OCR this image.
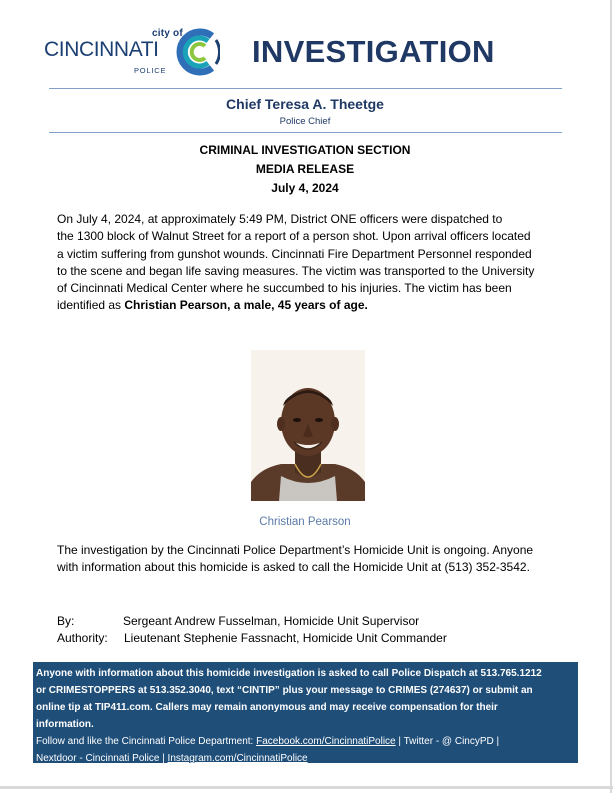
city of
CINCINNATI
POLICE
INVESTIGATION
Chief Teresa A. Theetge
Police Chief
CRIMINAL INVESTIGATION SECTION
MEDIA RELEASE
July 4, 2024
On July 4, 2024, at approximately 5:49 PM, District ONE officers were dispatched to
the 1300 block of Walnut Street for a report of a person shot. Upon arrival officers located
a victim suffering from gunshot wounds. Cincinnati Fire Department Personnel responded
to the scene and began life saving measures. The victim was transported to the University
of Cincinnati Medical Center where he succumbed to his injuries. The victim has been
identified as Christian Pearson, a male, 45 years of age.
Christian Pearson
The investigation by the Cincinnati Police Department’s Homicide Unit is ongoing. Anyone
with information about this homicide is asked to call the Homicide Unit at (513) 352-3542.
By:	Sergeant Andrew Fusselman, Homicide Unit Supervisor
Authority: Lieutenant Stephenie Fassnacht, Homicide Unit Commander
Anyone with information about this homicide investigation is asked to call Police Dispatch at 513.765.1212
or CRIMESTOPPERS at 513.352.3040, text “CINTIP” plus your message to CRIMES (274637) or submit an
online tip at TIP411.com. Callers may remain anonymous and may receive compensation for their
information.
Follow and like the Cincinnati Police Department: Facebook.com/CincinnatiPolice | Twitter - @ CincyPD |
Nextdoor - Cincinnati Police | Instagram.com/CincinnatiPolice
